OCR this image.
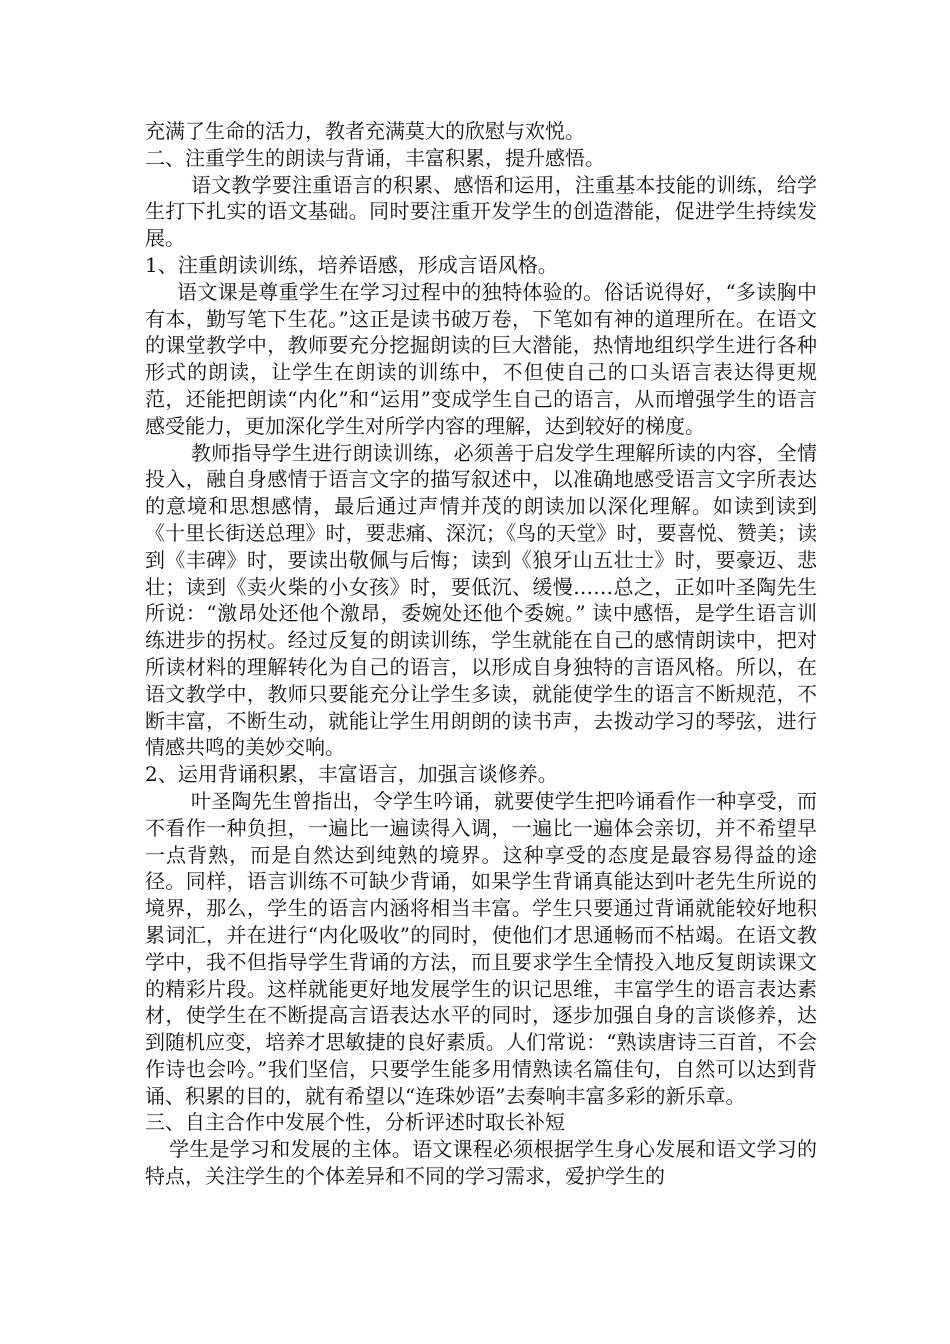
充满了生命的活力，教者充满莫大的欣慰与欢悦。

二、注重学生的朗读与背诵，丰富积累，提升感悟。

语文教学要注重语言的积累、感悟和运用，注重基本技能的训练，给学生打下扎实的语文基础。同时要注重开发学生的创造潜能，促进学生持续发展。

1、注重朗读训练，培养语感，形成言语风格。

语文课是尊重学生在学习过程中的独特体验的。俗话说得好，“多读胸中有本，勤写笔下生花。”这正是读书破万卷，下笔如有神的道理所在。在语文的课堂教学中，教师要充分挖掘朗读的巨大潜能，热情地组织学生进行各种形式的朗读，让学生在朗读的训练中，不但使自己的口头语言表达得更规范，还能把朗读“内化”和“运用”变成学生自己的语言，从而增强学生的语言感受能力，更加深化学生对所学内容的理解，达到较好的梯度。

教师指导学生进行朗读训练，必须善于启发学生理解所读的内容，全情投入，融自身感情于语言文字的描写叙述中，以准确地感受语言文字所表达的意境和思想感情，最后通过声情并茂的朗读加以深化理解。如读到读到《十里长街送总理》时，要悲痛、深沉；《鸟的天堂》时，要喜悦、赞美；读到《丰碑》时，要读出敬佩与后悔；读到《狼牙山五壮士》时，要豪迈、悲壮；读到《卖火柴的小女孩》时，要低沉、缓慢……总之，正如叶圣陶先生所说：“激昂处还他个激昂，委婉处还他个委婉。” 读中感悟，是学生语言训练进步的拐杖。经过反复的朗读训练，学生就能在自己的感情朗读中，把对所读材料的理解转化为自己的语言，以形成自身独特的言语风格。所以，在语文教学中，教师只要能充分让学生多读，就能使学生的语言不断规范，不断丰富，不断生动，就能让学生用朗朗的读书声，去拨动学习的琴弦，进行情感共鸣的美妙交响。

2、运用背诵积累，丰富语言，加强言谈修养。

叶圣陶先生曾指出，令学生吟诵，就要使学生把吟诵看作一种享受，而不看作一种负担，一遍比一遍读得入调，一遍比一遍体会亲切，并不希望早一点背熟，而是自然达到纯熟的境界。这种享受的态度是最容易得益的途径。同样，语言训练不可缺少背诵，如果学生背诵真能达到叶老先生所说的境界，那么，学生的语言内涵将相当丰富。学生只要通过背诵就能较好地积累词汇，并在进行“内化吸收”的同时，使他们才思通畅而不枯竭。在语文教学中，我不但指导学生背诵的方法，而且要求学生全情投入地反复朗读课文的精彩片段。这样就能更好地发展学生的识记思维，丰富学生的语言表达素材，使学生在不断提高言语表达水平的同时，逐步加强自身的言谈修养，达到随机应变，培养才思敏捷的良好素质。人们常说：“熟读唐诗三百首，不会作诗也会吟。”我们坚信，只要学生能多用情熟读名篇佳句，自然可以达到背诵、积累的目的，就有希望以“连珠妙语”去奏响丰富多彩的新乐章。

三、自主合作中发展个性，分析评述时取长补短

学生是学习和发展的主体。语文课程必须根据学生身心发展和语文学习的特点，关注学生的个体差异和不同的学习需求，爱护学生的
